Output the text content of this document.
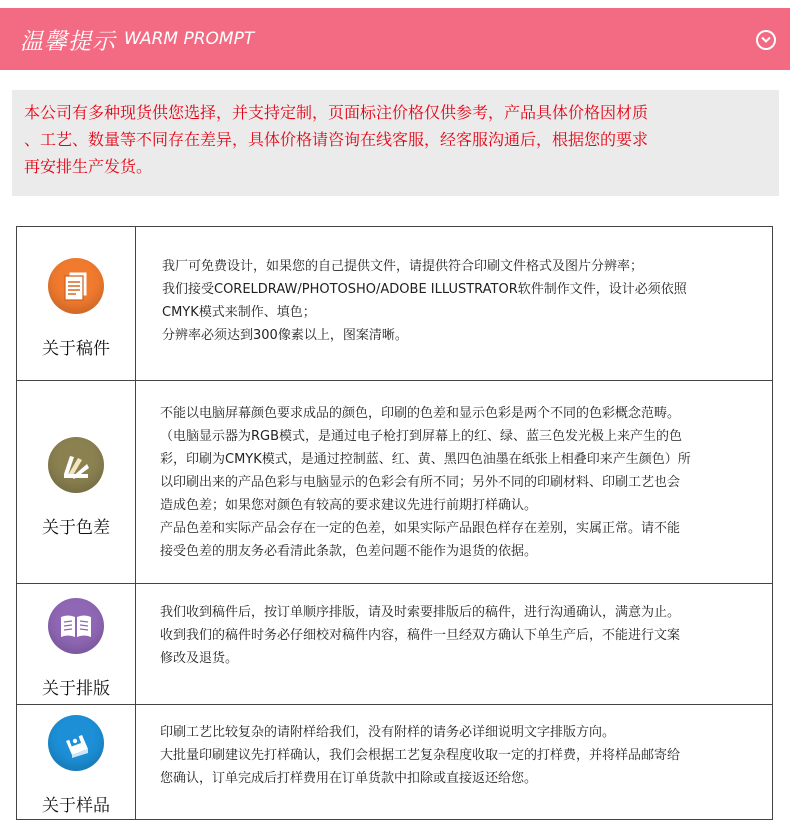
温馨提示 WARM PROMPT
本公司有多种现货供您选择，并支持定制，页面标注价格仅供参考，产品具体价格因材质
、工艺、数量等不同存在差异，具体价格请咨询在线客服，经客服沟通后，根据您的要求
再安排生产发货。
关于稿件

我厂可免费设计，如果您的自己提供文件，请提供符合印刷文件格式及图片分辨率；

我们接受CORELDRAW/PHOTOSHO/ADOBE ILLUSTRATOR软件制作文件，设计必须依照

CMYK模式来制作、填色；

分辨率必须达到300像素以上，图案清晰。

关于色差

不能以电脑屏幕颜色要求成品的颜色，印刷的色差和显示色彩是两个不同的色彩概念范畴。

（电脑显示器为RGB模式，是通过电子枪打到屏幕上的红、绿、蓝三色发光极上来产生的色

彩，印刷为CMYK模式，是通过控制蓝、红、黄、黑四色油墨在纸张上相叠印来产生颜色）所

以印刷出来的产品色彩与电脑显示的色彩会有所不同；另外不同的印刷材料、印刷工艺也会

造成色差；如果您对颜色有较高的要求建议先进行前期打样确认。

产品色差和实际产品会存在一定的色差，如果实际产品跟色样存在差别，实属正常。请不能

接受色差的朋友务必看清此条款，色差问题不能作为退货的依据。

关于排版

我们收到稿件后，按订单顺序排版，请及时索要排版后的稿件，进行沟通确认，满意为止。

收到我们的稿件时务必仔细校对稿件内容，稿件一旦经双方确认下单生产后，不能进行文案

修改及退货。

关于样品

印刷工艺比较复杂的请附样给我们，没有附样的请务必详细说明文字排版方向。

大批量印刷建议先打样确认，我们会根据工艺复杂程度收取一定的打样费，并将样品邮寄给

您确认，订单完成后打样费用在订单货款中扣除或直接返还给您。
